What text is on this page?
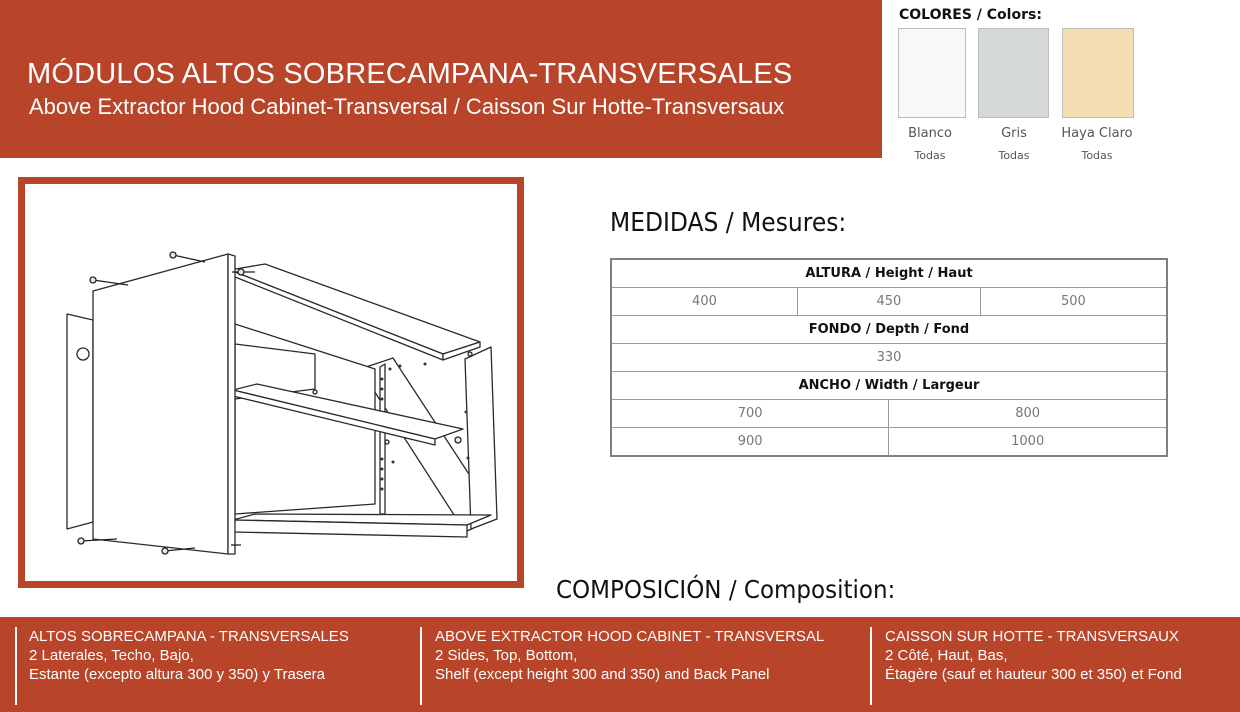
MÓDULOS ALTOS SOBRECAMPANA-TRANSVERSALES
Above Extractor Hood Cabinet-Transversal / Caisson Sur Hotte-Transversaux
COLORES / Colors:
Blanco	Gris	Haya Claro
Todas	Todas	Todas
MEDIDAS / Mesures:
ALTURA / Height / Haut			
400	450		500
FONDO / Depth / Fond			
330			
ANCHO / Width / Largeur			
700		800	
900		1000	
COMPOSICIÓN / Composition:
ALTOS SOBRECAMPANA - TRANSVERSALES
2 Laterales, Techo, Bajo,
Estante (excepto altura 300 y 350) y Trasera
ABOVE EXTRACTOR HOOD CABINET - TRANSVERSAL
2 Sides, Top, Bottom,
Shelf (except height 300 and 350) and Back Panel
CAISSON SUR HOTTE - TRANSVERSAUX
2 Côté, Haut, Bas,
Étagère (sauf et hauteur 300 et 350) et Fond
